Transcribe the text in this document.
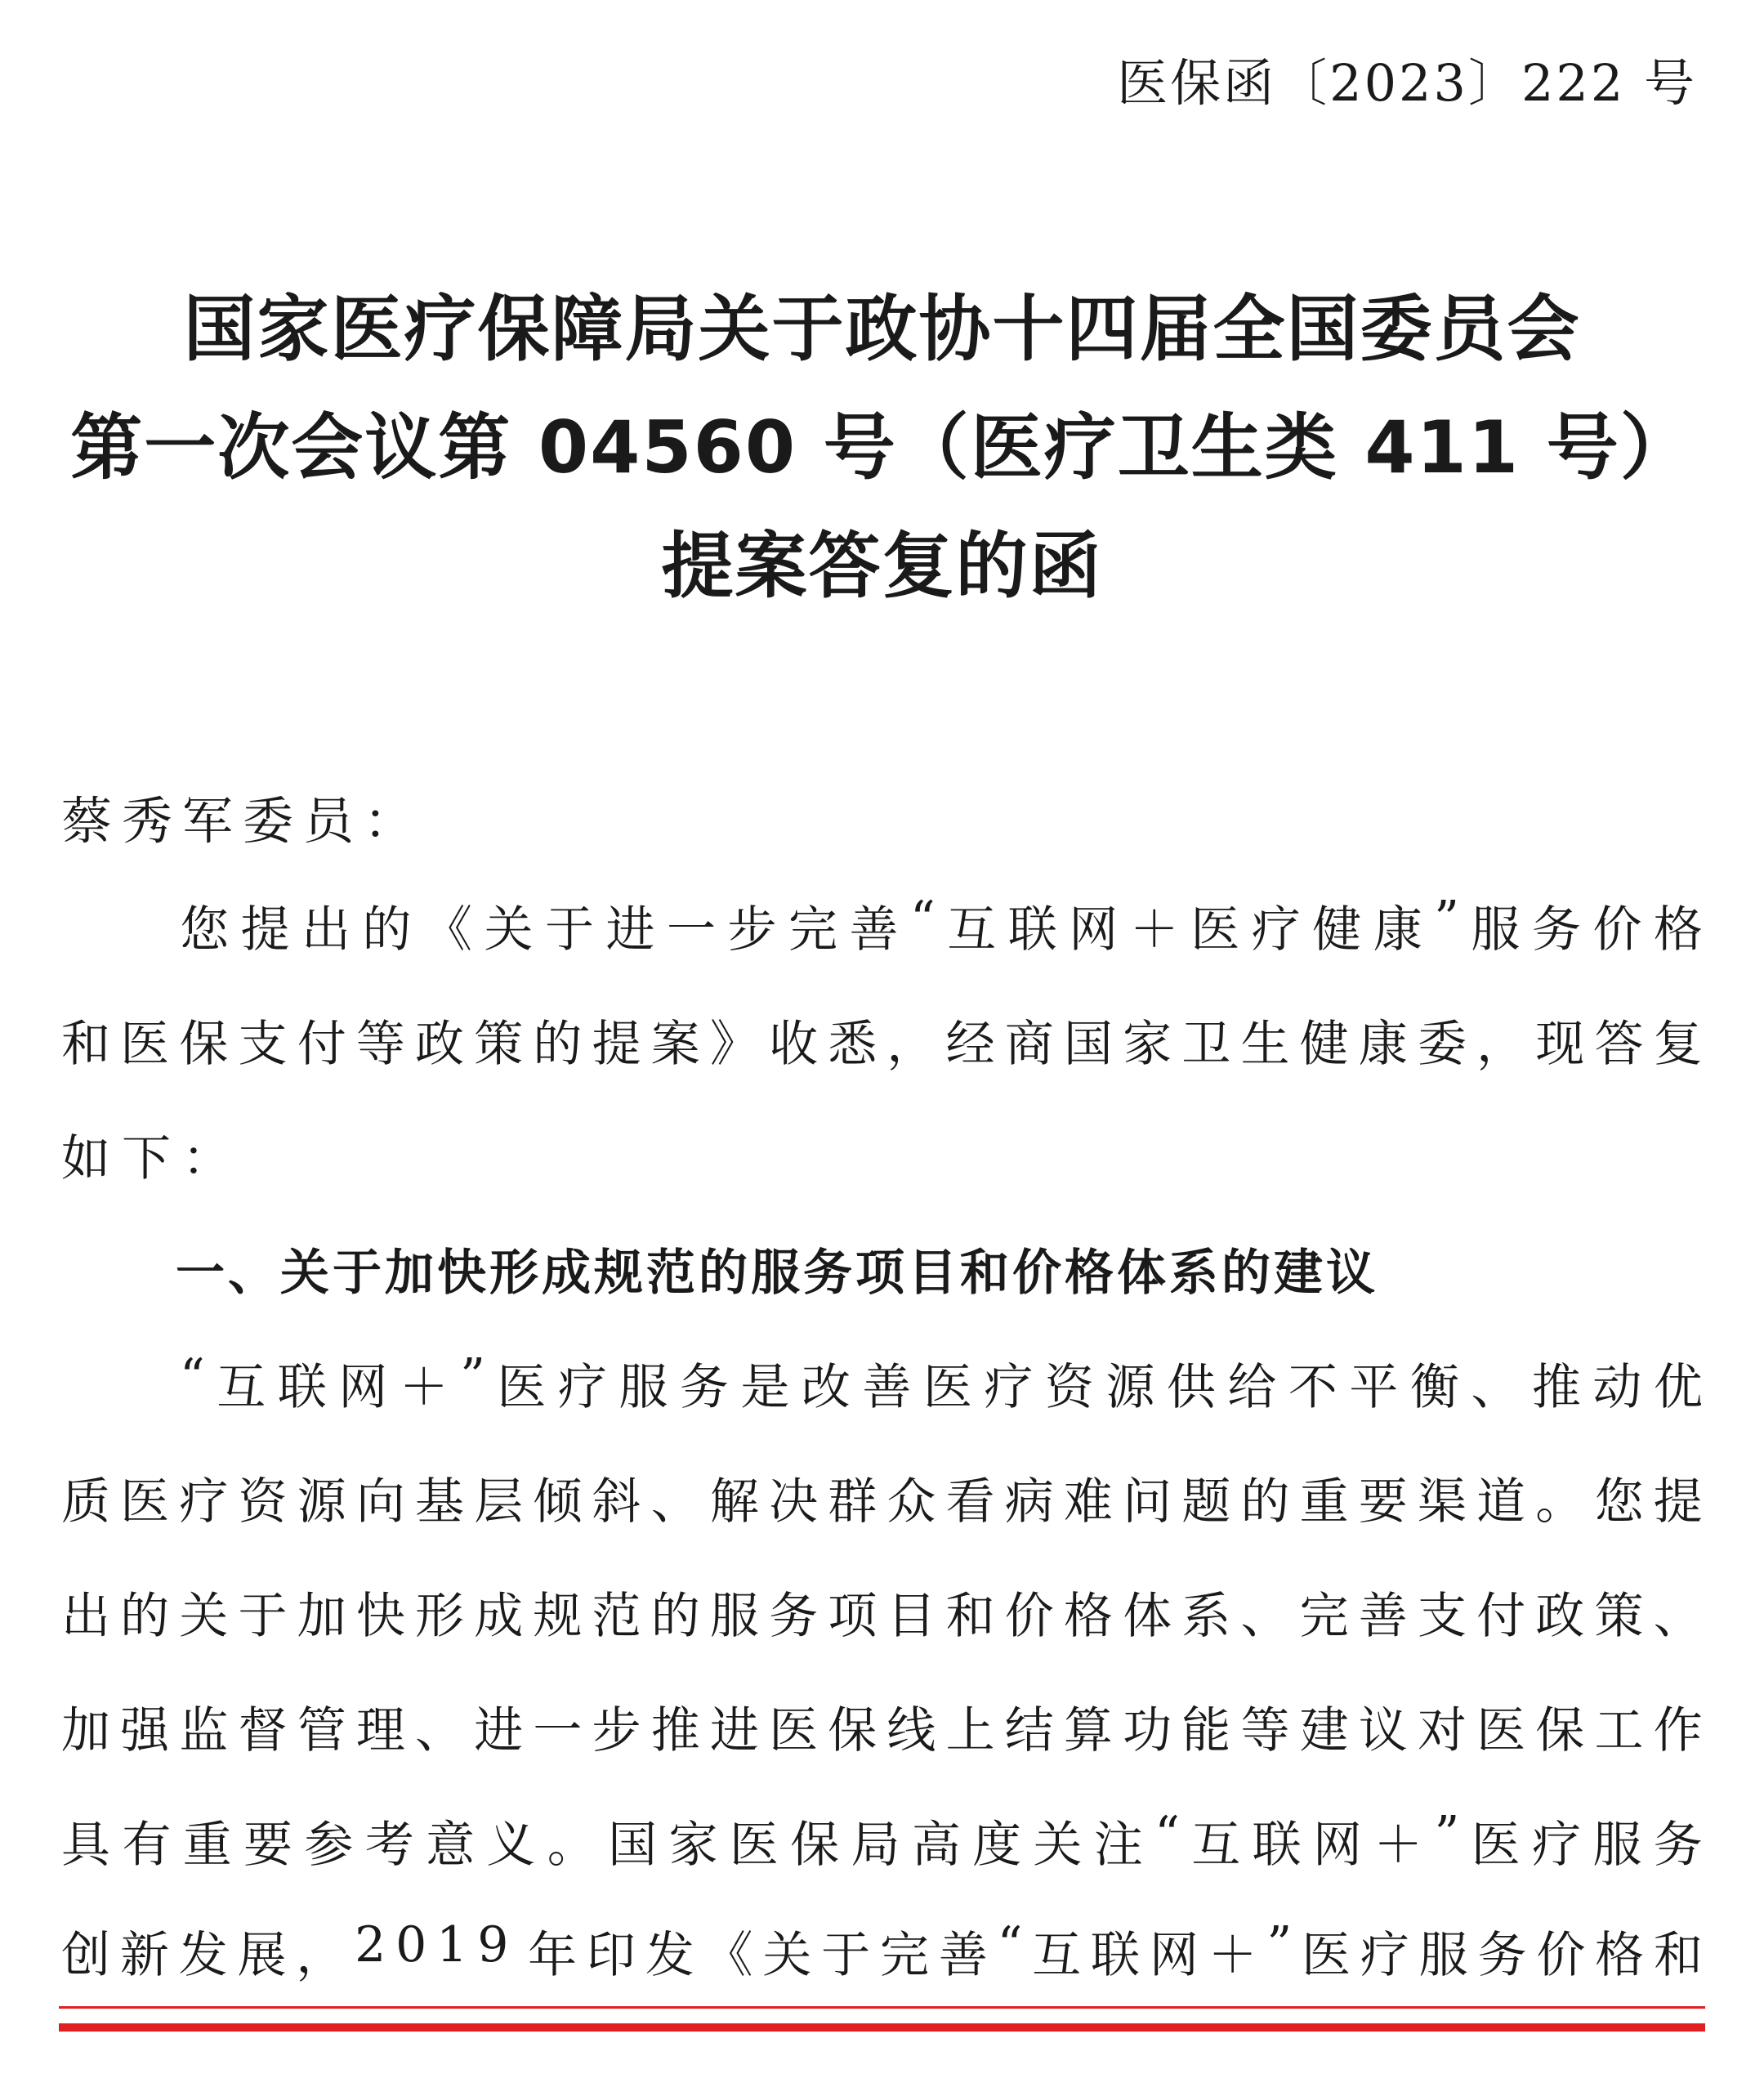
医保函〔2023〕222 号
国家医疗保障局关于政协十四届全国委员会
第一次会议第 04560 号（医疗卫生类 411 号）
提案答复的函
蔡秀军委员：
您 提 出 的 《 关 于 进 一 步 完 善 “ 互 联 网 ＋ 医 疗 健 康 ” 服 务 价 格
和 医 保 支 付 等 政 策 的 提 案 》 收 悉 ， 经 商 国 家 卫 生 健 康 委 ， 现 答 复
如下：
一、关于加快形成规范的服务项目和价格体系的建议
“ 互 联 网 ＋ ” 医 疗 服 务 是 改 善 医 疗 资 源 供 给 不 平 衡 、 推 动 优
质 医 疗 资 源 向 基 层 倾 斜 、 解 决 群 众 看 病 难 问 题 的 重 要 渠 道 。 您 提
出 的 关 于 加 快 形 成 规 范 的 服 务 项 目 和 价 格 体 系 、 完 善 支 付 政 策 、
加 强 监 督 管 理 、 进 一 步 推 进 医 保 线 上 结 算 功 能 等 建 议 对 医 保 工 作
具 有 重 要 参 考 意 义 。 国 家 医 保 局 高 度 关 注 “ 互 联 网 ＋ ” 医 疗 服 务
创 新 发 展 ， 2 0 1 9 年 印 发 《 关 于 完 善 “ 互 联 网 ＋ ” 医 疗 服 务 价 格 和
